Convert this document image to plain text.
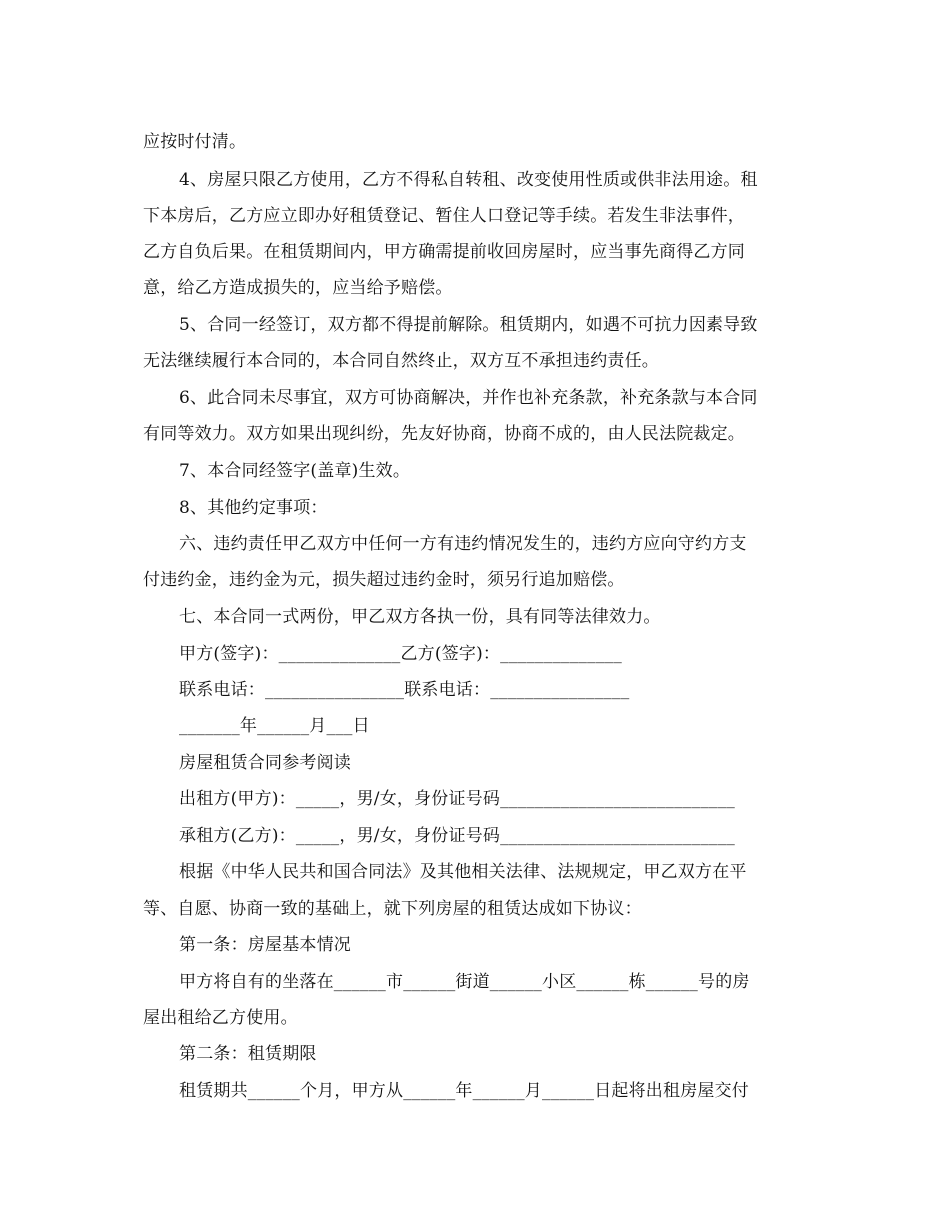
应按时付清。

4、房屋只限乙方使用，乙方不得私自转租、改变使用性质或供非法用途。租

下本房后，乙方应立即办好租赁登记、暂住人口登记等手续。若发生非法事件，

乙方自负后果。在租赁期间内，甲方确需提前收回房屋时，应当事先商得乙方同

意，给乙方造成损失的，应当给予赔偿。

5、合同一经签订，双方都不得提前解除。租赁期内，如遇不可抗力因素导致

无法继续履行本合同的，本合同自然终止，双方互不承担违约责任。

6、此合同未尽事宜，双方可协商解决，并作也补充条款，补充条款与本合同

有同等效力。双方如果出现纠纷，先友好协商，协商不成的，由人民法院裁定。

7、本合同经签字(盖章)生效。

8、其他约定事项：

六、违约责任甲乙双方中任何一方有违约情况发生的，违约方应向守约方支

付违约金，违约金为元，损失超过违约金时，须另行追加赔偿。

七、本合同一式两份，甲乙双方各执一份，具有同等法律效力。

甲方(签字)：______________乙方(签字)：______________

联系电话：________________联系电话：________________

_______年______月___日

房屋租赁合同参考阅读

出租方(甲方)：_____，男/女，身份证号码___________________________

承租方(乙方)：_____，男/女，身份证号码___________________________

根据《中华人民共和国合同法》及其他相关法律、法规规定，甲乙双方在平

等、自愿、协商一致的基础上，就下列房屋的租赁达成如下协议：

第一条：房屋基本情况

甲方将自有的坐落在______市______街道______小区______栋______号的房

屋出租给乙方使用。

第二条：租赁期限

租赁期共______个月，甲方从______年______月______日起将出租房屋交付
